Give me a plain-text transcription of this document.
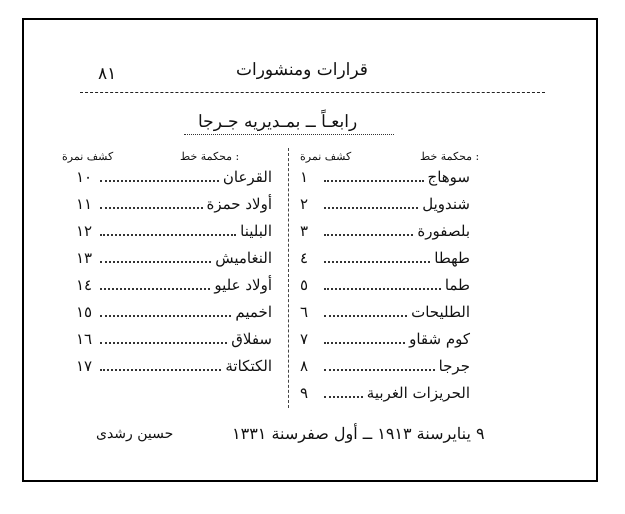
٨١	قرارات ومنشورات
رابعـاً ــ بمـديريه جـرجا
محكمة خط :
كشف نمرة
محكمة خط :
كشف نمرة
سوهاج
١
شندويل
٢
بلصفورة
٣
طهطا
٤
طما
٥
الطليحات
٦
كوم شقاو
٧
جرجا
٨
الحريزات الغربية
٩
القرعان
١٠
أولاد حمزة
١١
البلينا
١٢
النغاميش
١٣
أولاد عليو
١٤
اخميم
١٥
سفلاق
١٦
الكتكاتة
١٧
٩ ينايرسنة ١٩١٣ ــ أول صفرسنة ١٣٣١
حسين رشدى
